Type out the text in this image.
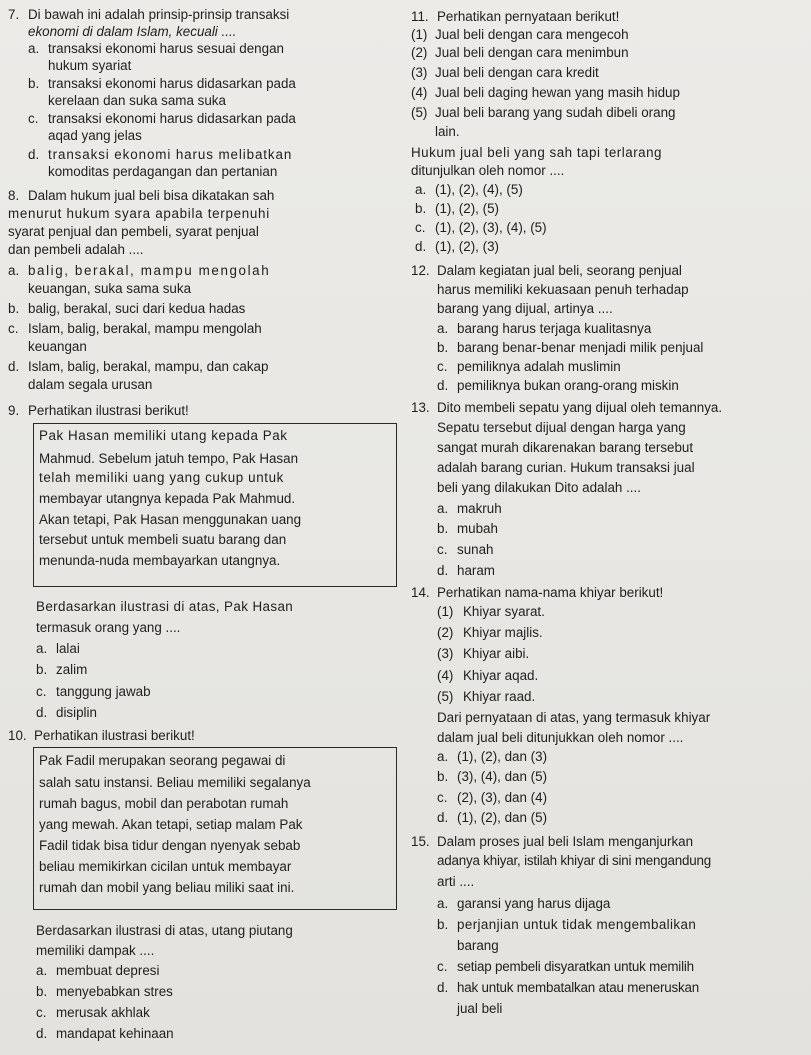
7. Di bawah ini adalah prinsip-prinsip transaksi
ekonomi di dalam Islam, kecuali ....
a. transaksi ekonomi harus sesuai dengan
hukum syariat
b. transaksi ekonomi harus didasarkan pada
kerelaan dan suka sama suka
c. transaksi ekonomi harus didasarkan pada
aqad yang jelas
d. transaksi ekonomi harus melibatkan
komoditas perdagangan dan pertanian
8. Dalam hukum jual beli bisa dikatakan sah
menurut hukum syara apabila terpenuhi
syarat penjual dan pembeli, syarat penjual
dan pembeli adalah ....
a. balig, berakal, mampu mengolah
keuangan, suka sama suka
b. balig, berakal, suci dari kedua hadas
c. Islam, balig, berakal, mampu mengolah
keuangan
d. Islam, balig, berakal, mampu, dan cakap
dalam segala urusan
9. Perhatikan ilustrasi berikut!
Pak Hasan memiliki utang kepada Pak
Mahmud. Sebelum jatuh tempo, Pak Hasan
telah memiliki uang yang cukup untuk
membayar utangnya kepada Pak Mahmud.
Akan tetapi, Pak Hasan menggunakan uang
tersebut untuk membeli suatu barang dan
menunda-nuda membayarkan utangnya.
Berdasarkan ilustrasi di atas, Pak Hasan
termasuk orang yang ....
a. lalai
b. zalim
c. tanggung jawab
d. disiplin
10. Perhatikan ilustrasi berikut!
Pak Fadil merupakan seorang pegawai di
salah satu instansi. Beliau memiliki segalanya
rumah bagus, mobil dan perabotan rumah
yang mewah. Akan tetapi, setiap malam Pak
Fadil tidak bisa tidur dengan nyenyak sebab
beliau memikirkan cicilan untuk membayar
rumah dan mobil yang beliau miliki saat ini.
Berdasarkan ilustrasi di atas, utang piutang
memiliki dampak ....
a. membuat depresi
b. menyebabkan stres
c. merusak akhlak
d. mandapat kehinaan
11. Perhatikan pernyataan berikut!
(1) Jual beli dengan cara mengecoh
(2) Jual beli dengan cara menimbun
(3) Jual beli dengan cara kredit
(4) Jual beli daging hewan yang masih hidup
(5) Jual beli barang yang sudah dibeli orang
lain.
Hukum jual beli yang sah tapi terlarang
ditunjulkan oleh nomor ....
a. (1), (2), (4), (5)
b. (1), (2), (5)
c. (1), (2), (3), (4), (5)
d. (1), (2), (3)
12. Dalam kegiatan jual beli, seorang penjual
harus memiliki kekuasaan penuh terhadap
barang yang dijual, artinya ....
a. barang harus terjaga kualitasnya
b. barang benar-benar menjadi milik penjual
c. pemiliknya adalah muslimin
d. pemiliknya bukan orang-orang miskin
13. Dito membeli sepatu yang dijual oleh temannya.
Sepatu tersebut dijual dengan harga yang
sangat murah dikarenakan barang tersebut
adalah barang curian. Hukum transaksi jual
beli yang dilakukan Dito adalah ....
a. makruh
b. mubah
c. sunah
d. haram
14. Perhatikan nama-nama khiyar berikut!
(1) Khiyar syarat.
(2) Khiyar majlis.
(3) Khiyar aibi.
(4) Khiyar aqad.
(5) Khiyar raad.
Dari pernyataan di atas, yang termasuk khiyar
dalam jual beli ditunjukkan oleh nomor ....
a. (1), (2), dan (3)
b. (3), (4), dan (5)
c. (2), (3), dan (4)
d. (1), (2), dan (5)
15. Dalam proses jual beli Islam menganjurkan
adanya khiyar, istilah khiyar di sini mengandung
arti ....
a. garansi yang harus dijaga
b. perjanjian untuk tidak mengembalikan
barang
c. setiap pembeli disyaratkan untuk memilih
d. hak untuk membatalkan atau meneruskan
jual beli
